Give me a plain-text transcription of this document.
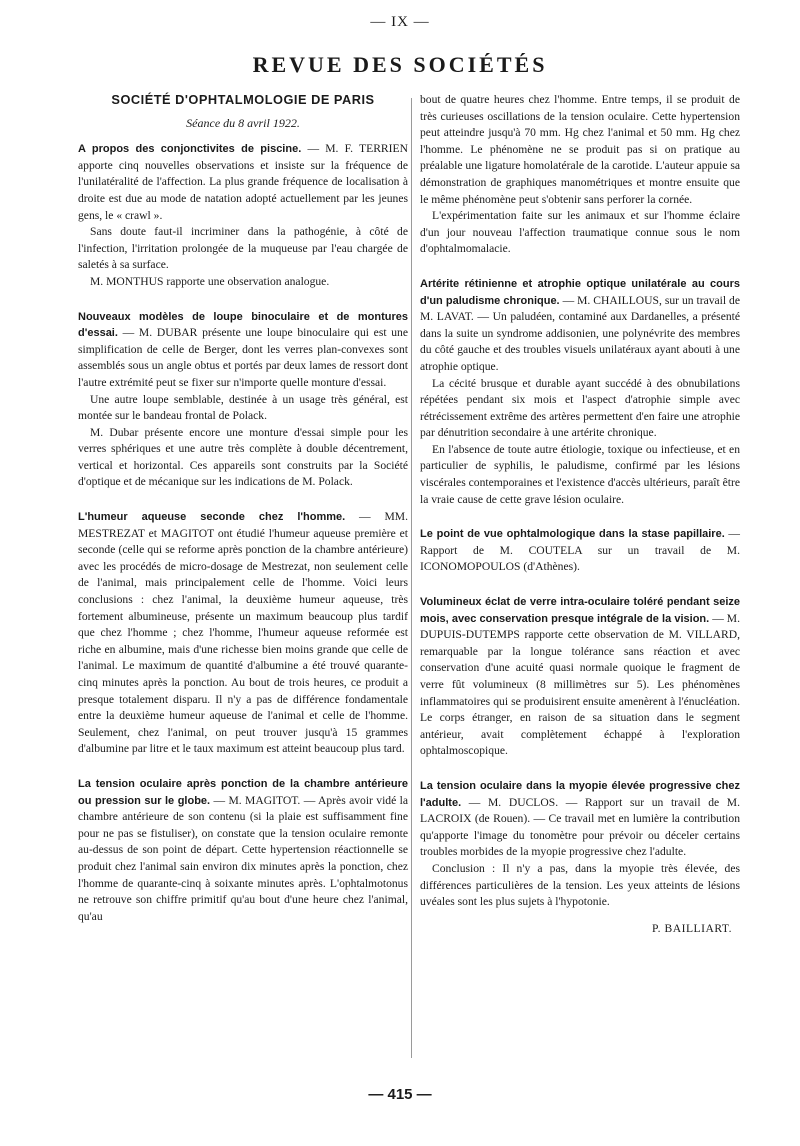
— IX —
REVUE DES SOCIÉTÉS
SOCIÉTÉ D'OPHTALMOLOGIE DE PARIS
Séance du 8 avril 1922.

A propos des conjonctivites de piscine. — M. F. TERRIEN apporte cinq nouvelles observations et insiste sur la fréquence de l'unilatéralité de l'affection. La plus grande fréquence de localisation à droite est due au mode de natation adopté actuellement par les jeunes gens, le « crawl ».

Sans doute faut-il incriminer dans la pathogénie, à côté de l'infection, l'irritation prolongée de la muqueuse par l'eau chargée de saletés à sa surface.

M. MONTHUS rapporte une observation analogue.

Nouveaux modèles de loupe binoculaire et de montures d'essai. — M. DUBAR présente une loupe binoculaire qui est une simplification de celle de Berger, dont les verres plan-convexes sont assemblés sous un angle obtus et portés par deux lames de ressort dont l'autre extrémité peut se fixer sur n'importe quelle monture d'essai.

Une autre loupe semblable, destinée à un usage très général, est montée sur le bandeau frontal de Polack.

M. Dubar présente encore une monture d'essai simple pour les verres sphériques et une autre très complète à double décentrement, vertical et horizontal. Ces appareils sont construits par la Société d'optique et de mécanique sur les indications de M. Polack.

L'humeur aqueuse seconde chez l'homme. — MM. MESTREZAT et MAGITOT ont étudié l'humeur aqueuse première et seconde (celle qui se reforme après ponction de la chambre antérieure) avec les procédés de micro-dosage de Mestrezat, non seulement celle de l'animal, mais principalement celle de l'homme. Voici leurs conclusions : chez l'animal, la deuxième humeur aqueuse, très fortement albumineuse, présente un maximum beaucoup plus tardif que chez l'homme ; chez l'homme, l'humeur aqueuse reformée est riche en albumine, mais d'une richesse bien moins grande que celle de l'animal. Le maximum de quantité d'albumine a été trouvé quarante-cinq minutes après la ponction. Au bout de trois heures, ce produit a presque totalement disparu. Il n'y a pas de différence fondamentale entre la deuxième humeur aqueuse de l'animal et celle de l'homme. Seulement, chez l'animal, on peut trouver jusqu'à 15 grammes d'albumine par litre et le taux maximum est atteint beaucoup plus tard.

La tension oculaire après ponction de la chambre antérieure ou pression sur le globe. — M. MAGITOT. — Après avoir vidé la chambre antérieure de son contenu (si la plaie est suffisamment fine pour ne pas se fistuliser), on constate que la tension oculaire remonte au-dessus de son point de départ. Cette hypertension réactionnelle se produit chez l'animal sain environ dix minutes après la ponction, chez l'homme de quarante-cinq à soixante minutes après. L'ophtalmotonus ne retrouve son chiffre primitif qu'au bout d'une heure chez l'animal, qu'au

bout de quatre heures chez l'homme. Entre temps, il se produit de très curieuses oscillations de la tension oculaire. Cette hypertension peut atteindre jusqu'à 70 mm. Hg chez l'animal et 50 mm. Hg chez l'homme. Le phénomène ne se produit pas si on pratique au préalable une ligature homolatérale de la carotide. L'auteur appuie sa démonstration de graphiques manométriques et montre ensuite que le même phénomène peut s'obtenir sans perforer la cornée.

L'expérimentation faite sur les animaux et sur l'homme éclaire d'un jour nouveau l'affection traumatique connue sous le nom d'ophtalmomalacie.

Artérite rétinienne et atrophie optique unilatérale au cours d'un paludisme chronique. — M. CHAILLOUS, sur un travail de M. LAVAT. — Un paludéen, contaminé aux Dardanelles, a présenté dans la suite un syndrome addisonien, une polynévrite des membres du côté gauche et des troubles visuels unilatéraux ayant abouti à une atrophie optique.

La cécité brusque et durable ayant succédé à des obnubilations répétées pendant six mois et l'aspect d'atrophie simple avec rétrécissement extrême des artères permettent d'en faire une atrophie par dénutrition secondaire à une artérite chronique.

En l'absence de toute autre étiologie, toxique ou infectieuse, et en particulier de syphilis, le paludisme, confirmé par les lésions viscérales contemporaines et l'existence d'accès ultérieurs, paraît être la vraie cause de cette grave lésion oculaire.

Le point de vue ophtalmologique dans la stase papillaire. — Rapport de M. COUTELA sur un travail de M. ICONOMOPOULOS (d'Athènes).

Volumineux éclat de verre intra-oculaire toléré pendant seize mois, avec conservation presque intégrale de la vision. — M. DUPUIS-DUTEMPS rapporte cette observation de M. VILLARD, remarquable par la longue tolérance sans réaction et avec conservation d'une acuité quasi normale quoique le fragment de verre fût volumineux (8 millimètres sur 5). Les phénomènes inflammatoires qui se produisirent ensuite amenèrent à l'énucléation. Le corps étranger, en raison de sa situation dans le segment antérieur, avait complètement échappé à l'exploration ophtalmoscopique.

La tension oculaire dans la myopie élevée progressive chez l'adulte. — M. DUCLOS. — Rapport sur un travail de M. LACROIX (de Rouen). — Ce travail met en lumière la contribution qu'apporte l'image du tonomètre pour prévoir ou déceler certains troubles morbides de la myopie progressive chez l'adulte.

Conclusion : Il n'y a pas, dans la myopie très élevée, des différences particulières de la tension. Les yeux atteints de lésions uvéales sont les plus sujets à l'hypotonie.

P. BAILLIART.
— 415 —
